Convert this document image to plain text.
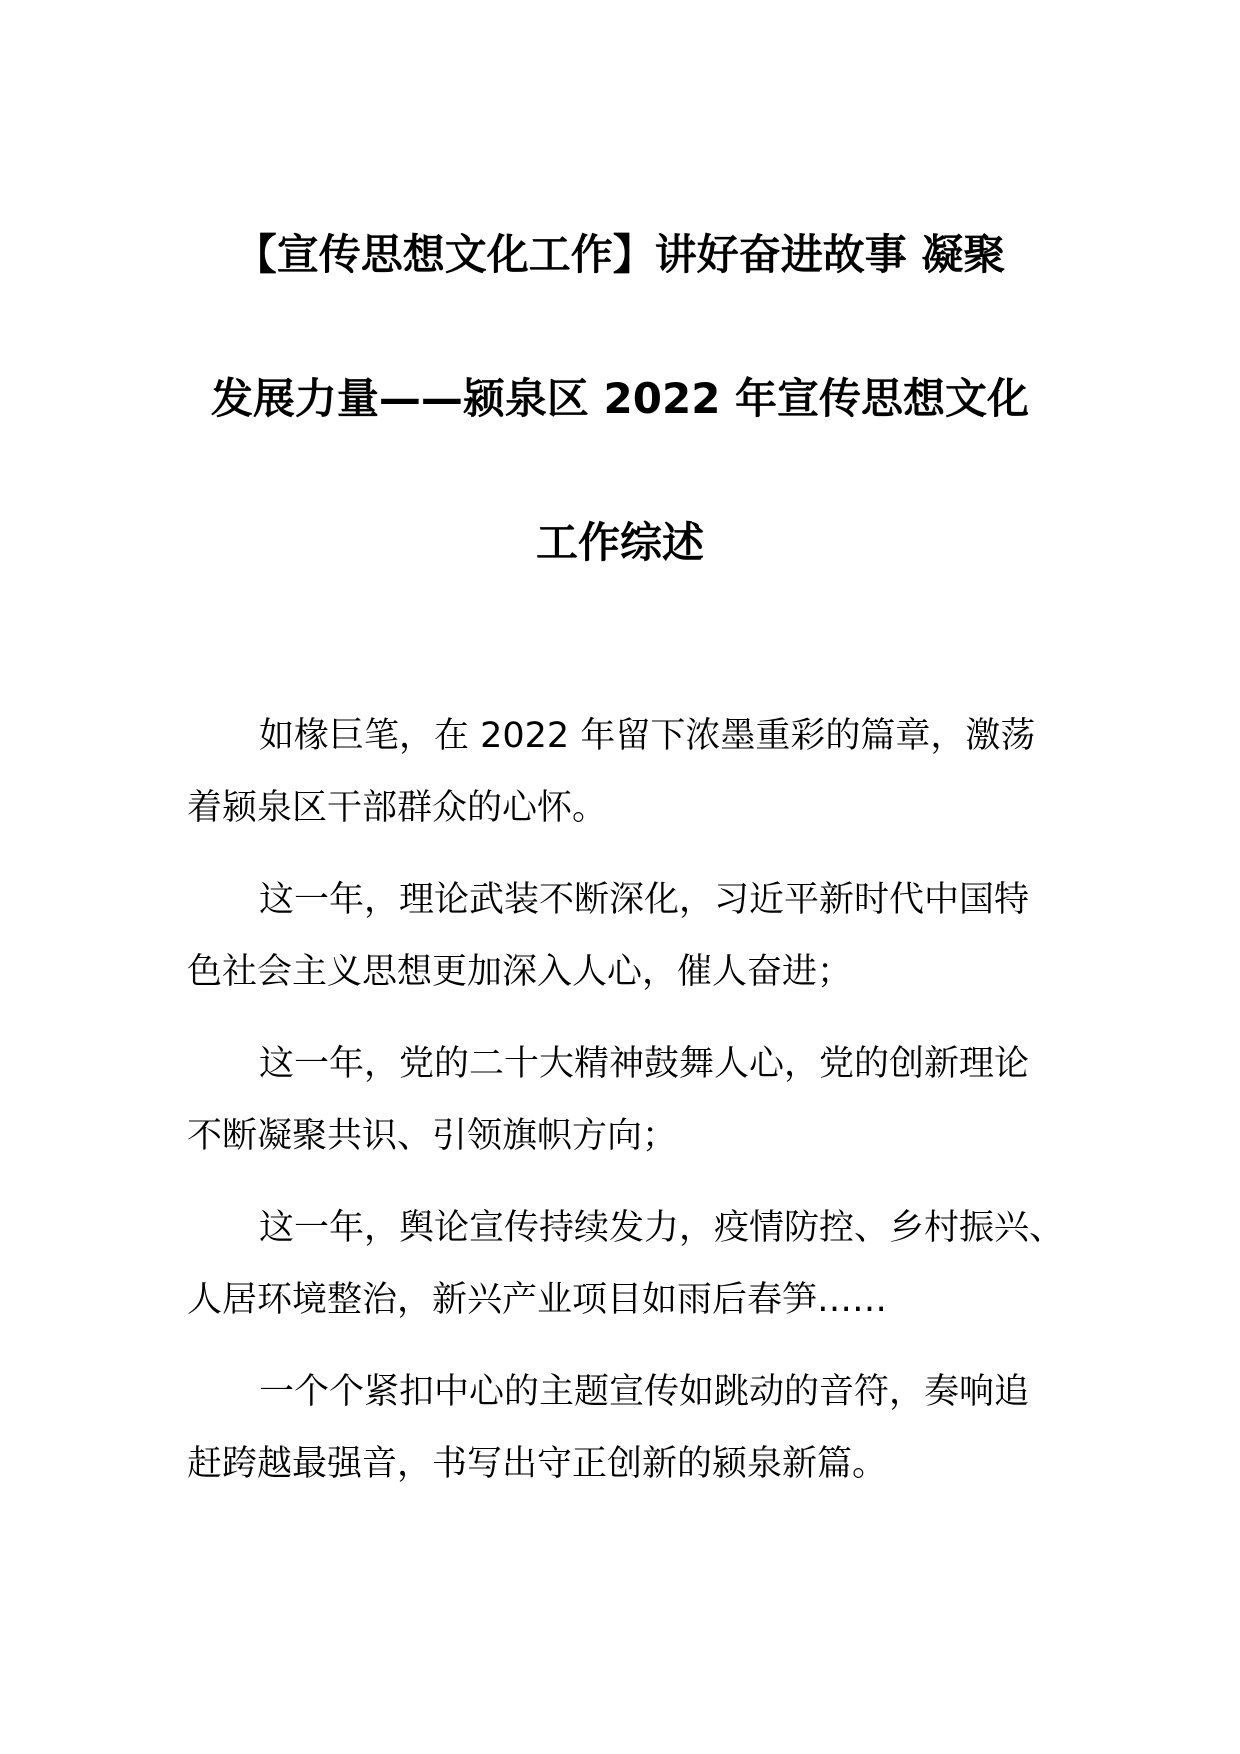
【宣传思想文化工作】讲好奋进故事 凝聚
发展力量——颍泉区 2022 年宣传思想文化
工作综述

如椽巨笔，在 2022 年留下浓墨重彩的篇章，激荡
着颍泉区干部群众的心怀。

这一年，理论武装不断深化，习近平新时代中国特
色社会主义思想更加深入人心，催人奋进；

这一年，党的二十大精神鼓舞人心，党的创新理论
不断凝聚共识、引领旗帜方向；

这一年，舆论宣传持续发力，疫情防控、乡村振兴、
人居环境整治，新兴产业项目如雨后春笋……

一个个紧扣中心的主题宣传如跳动的音符，奏响追
赶跨越最强音，书写出守正创新的颍泉新篇。
